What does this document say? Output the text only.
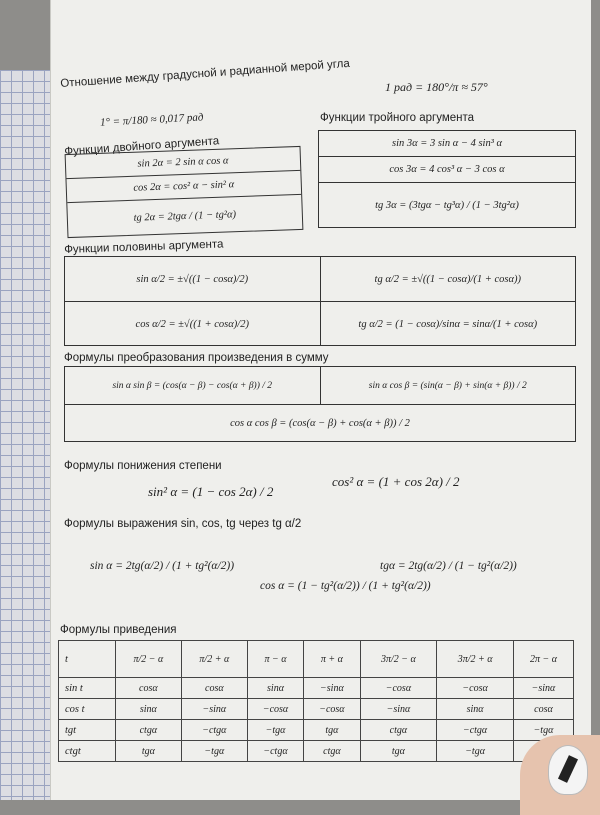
Отношение между градусной и радианной мерой угла
1° = π/180 ≈ 0,017 рад
1 рад = 180°/π ≈ 57°
Функции двойного аргумента
sin 2α = 2 sin α cos α
cos 2α = cos² α − sin² α
tg 2α = 2tgα / (1 − tg²α)
Функции тройного аргумента
sin 3α = 3 sin α − 4 sin³ α
cos 3α = 4 cos³ α − 3 cos α
tg 3α = (3tgα − tg³α) / (1 − 3tg²α)
Функции половины аргумента
sin α/2 = ±√((1 − cosα)/2)	tg α/2 = ±√((1 − cosα)/(1 + cosα))
cos α/2 = ±√((1 + cosα)/2)	tg α/2 = (1 − cosα)/sinα = sinα/(1 + cosα)
Формулы преобразования произведения в сумму
sin α sin β = (cos(α − β) − cos(α + β)) / 2	sin α cos β = (sin(α − β) + sin(α + β)) / 2
cos α cos β = (cos(α − β) + cos(α + β)) / 2
Формулы понижения степени
sin² α = (1 − cos 2α) / 2
cos² α = (1 + cos 2α) / 2
Формулы выражения sin, cos, tg через tg α/2
sin α = 2tg(α/2) / (1 + tg²(α/2))
cos α = (1 − tg²(α/2)) / (1 + tg²(α/2))
tgα = 2tg(α/2) / (1 − tg²(α/2))
Формулы приведения
t	π/2 − α	π/2 + α	π − α	π + α	3π/2 − α	3π/2 + α	2π − α
sin t	cosα	cosα	sinα	−sinα	−cosα	−cosα	−sinα
cos t	sinα	−sinα	−cosα	−cosα	−sinα	sinα	cosα
tgt	ctgα	−ctgα	−tgα	tgα	ctgα	−ctgα	−tgα
ctgt	tgα	−tgα	−ctgα	ctgα	tgα	−tgα	
